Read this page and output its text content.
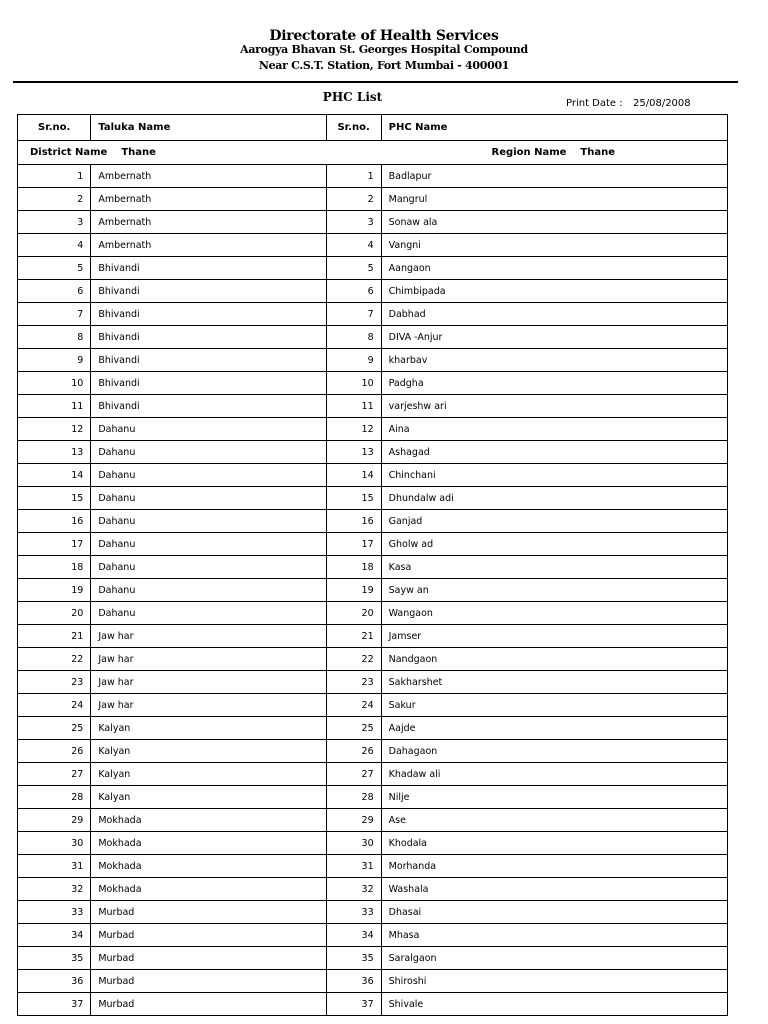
Directorate of Health Services
Aarogya Bhavan St. Georges Hospital Compound
Near C.S.T. Station, Fort Mumbai - 400001
PHC List	Print Date : 25/08/2008
Sr.no.	Taluka Name	Sr.no.	PHC Name
District Name Thane		Region Name Thane	
1	Ambernath	1	Badlapur
2	Ambernath	2	Mangrul
3	Ambernath	3	Sonaw ala
4	Ambernath	4	Vangni
5	Bhivandi	5	Aangaon
6	Bhivandi	6	Chimbipada
7	Bhivandi	7	Dabhad
8	Bhivandi	8	DIVA -Anjur
9	Bhivandi	9	kharbav
10	Bhivandi	10	Padgha
11	Bhivandi	11	varjeshw ari
12	Dahanu	12	Aina
13	Dahanu	13	Ashagad
14	Dahanu	14	Chinchani
15	Dahanu	15	Dhundalw adi
16	Dahanu	16	Ganjad
17	Dahanu	17	Gholw ad
18	Dahanu	18	Kasa
19	Dahanu	19	Sayw an
20	Dahanu	20	Wangaon
21	Jaw har	21	Jamser
22	Jaw har	22	Nandgaon
23	Jaw har	23	Sakharshet
24	Jaw har	24	Sakur
25	Kalyan	25	Aajde
26	Kalyan	26	Dahagaon
27	Kalyan	27	Khadaw ali
28	Kalyan	28	Nilje
29	Mokhada	29	Ase
30	Mokhada	30	Khodala
31	Mokhada	31	Morhanda
32	Mokhada	32	Washala
33	Murbad	33	Dhasai
34	Murbad	34	Mhasa
35	Murbad	35	Saralgaon
36	Murbad	36	Shiroshi
37	Murbad	37	Shivale
